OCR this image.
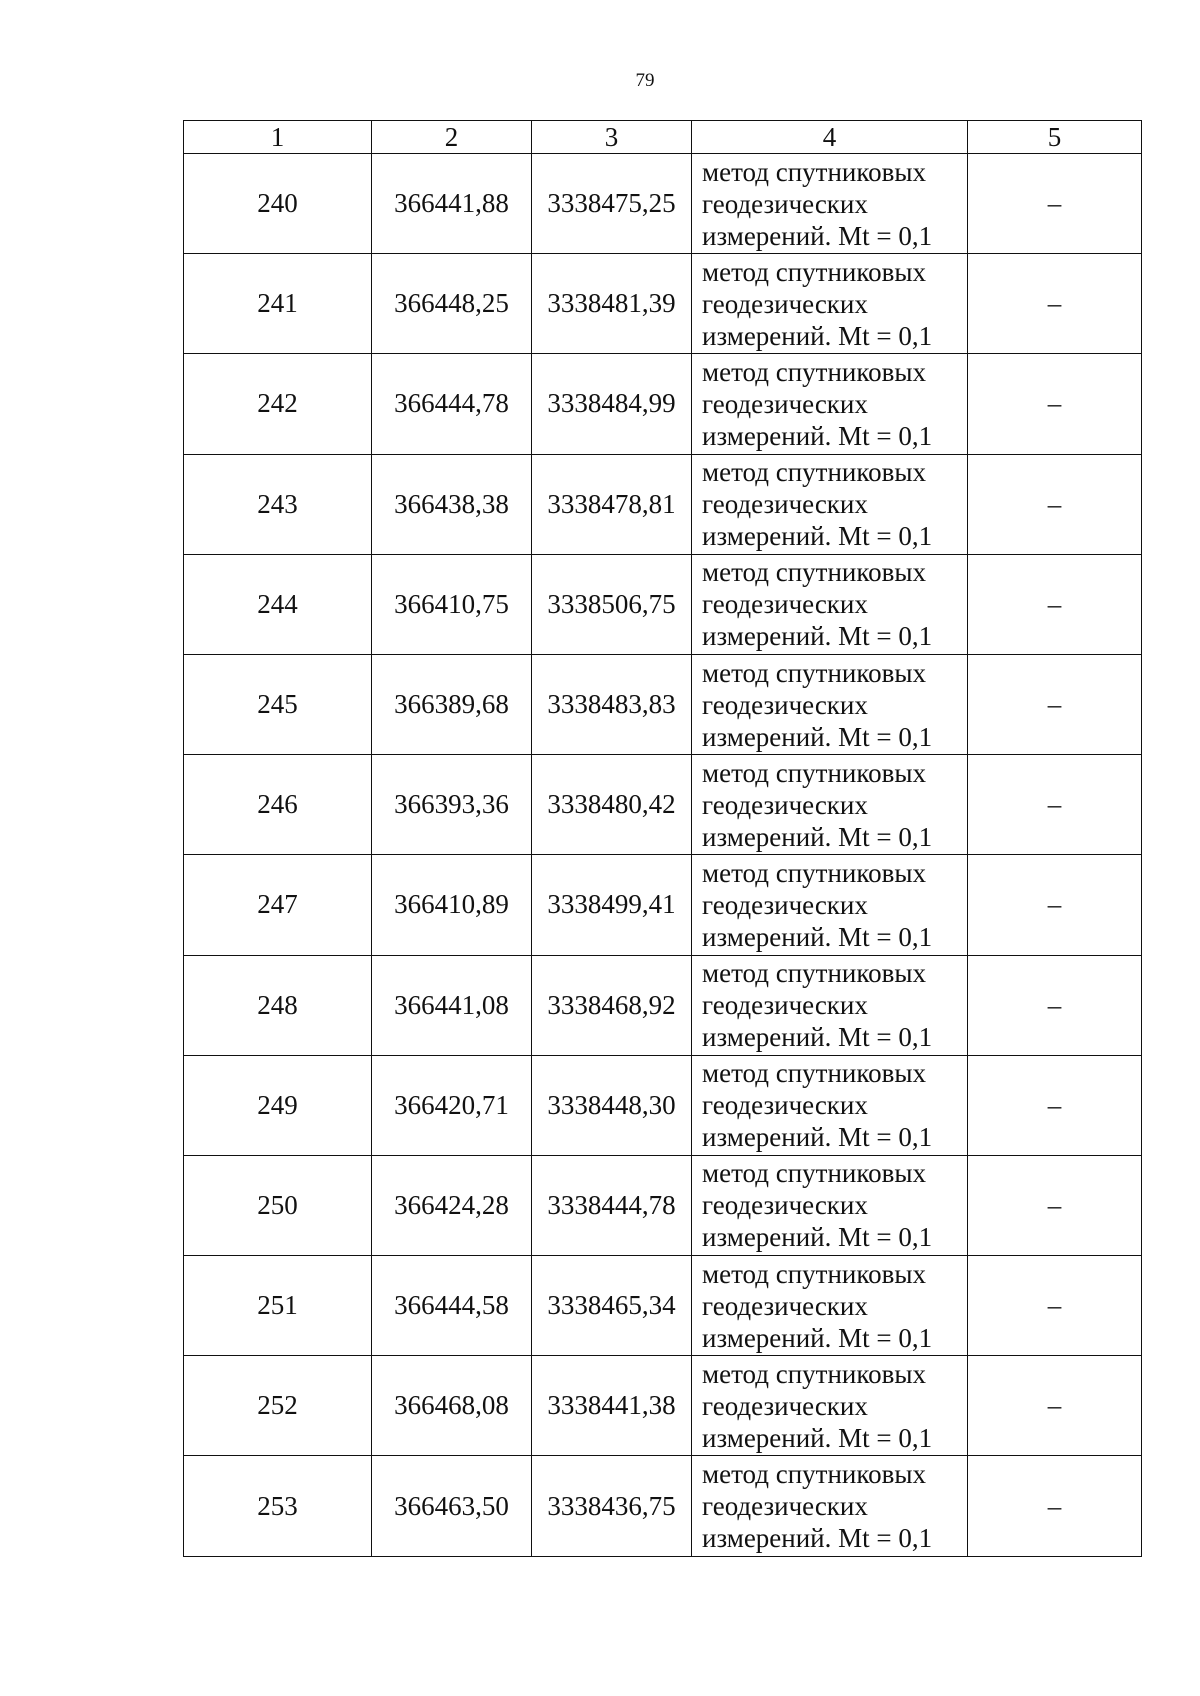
79
1	2	3	4	5
240	366441,88	3338475,25	метод спутниковых
геодезических
измерений. Mt = 0,1	–
241	366448,25	3338481,39	метод спутниковых
геодезических
измерений. Mt = 0,1	–
242	366444,78	3338484,99	метод спутниковых
геодезических
измерений. Mt = 0,1	–
243	366438,38	3338478,81	метод спутниковых
геодезических
измерений. Mt = 0,1	–
244	366410,75	3338506,75	метод спутниковых
геодезических
измерений. Mt = 0,1	–
245	366389,68	3338483,83	метод спутниковых
геодезических
измерений. Mt = 0,1	–
246	366393,36	3338480,42	метод спутниковых
геодезических
измерений. Mt = 0,1	–
247	366410,89	3338499,41	метод спутниковых
геодезических
измерений. Mt = 0,1	–
248	366441,08	3338468,92	метод спутниковых
геодезических
измерений. Mt = 0,1	–
249	366420,71	3338448,30	метод спутниковых
геодезических
измерений. Mt = 0,1	–
250	366424,28	3338444,78	метод спутниковых
геодезических
измерений. Mt = 0,1	–
251	366444,58	3338465,34	метод спутниковых
геодезических
измерений. Mt = 0,1	–
252	366468,08	3338441,38	метод спутниковых
геодезических
измерений. Mt = 0,1	–
253	366463,50	3338436,75	метод спутниковых
геодезических
измерений. Mt = 0,1	–
